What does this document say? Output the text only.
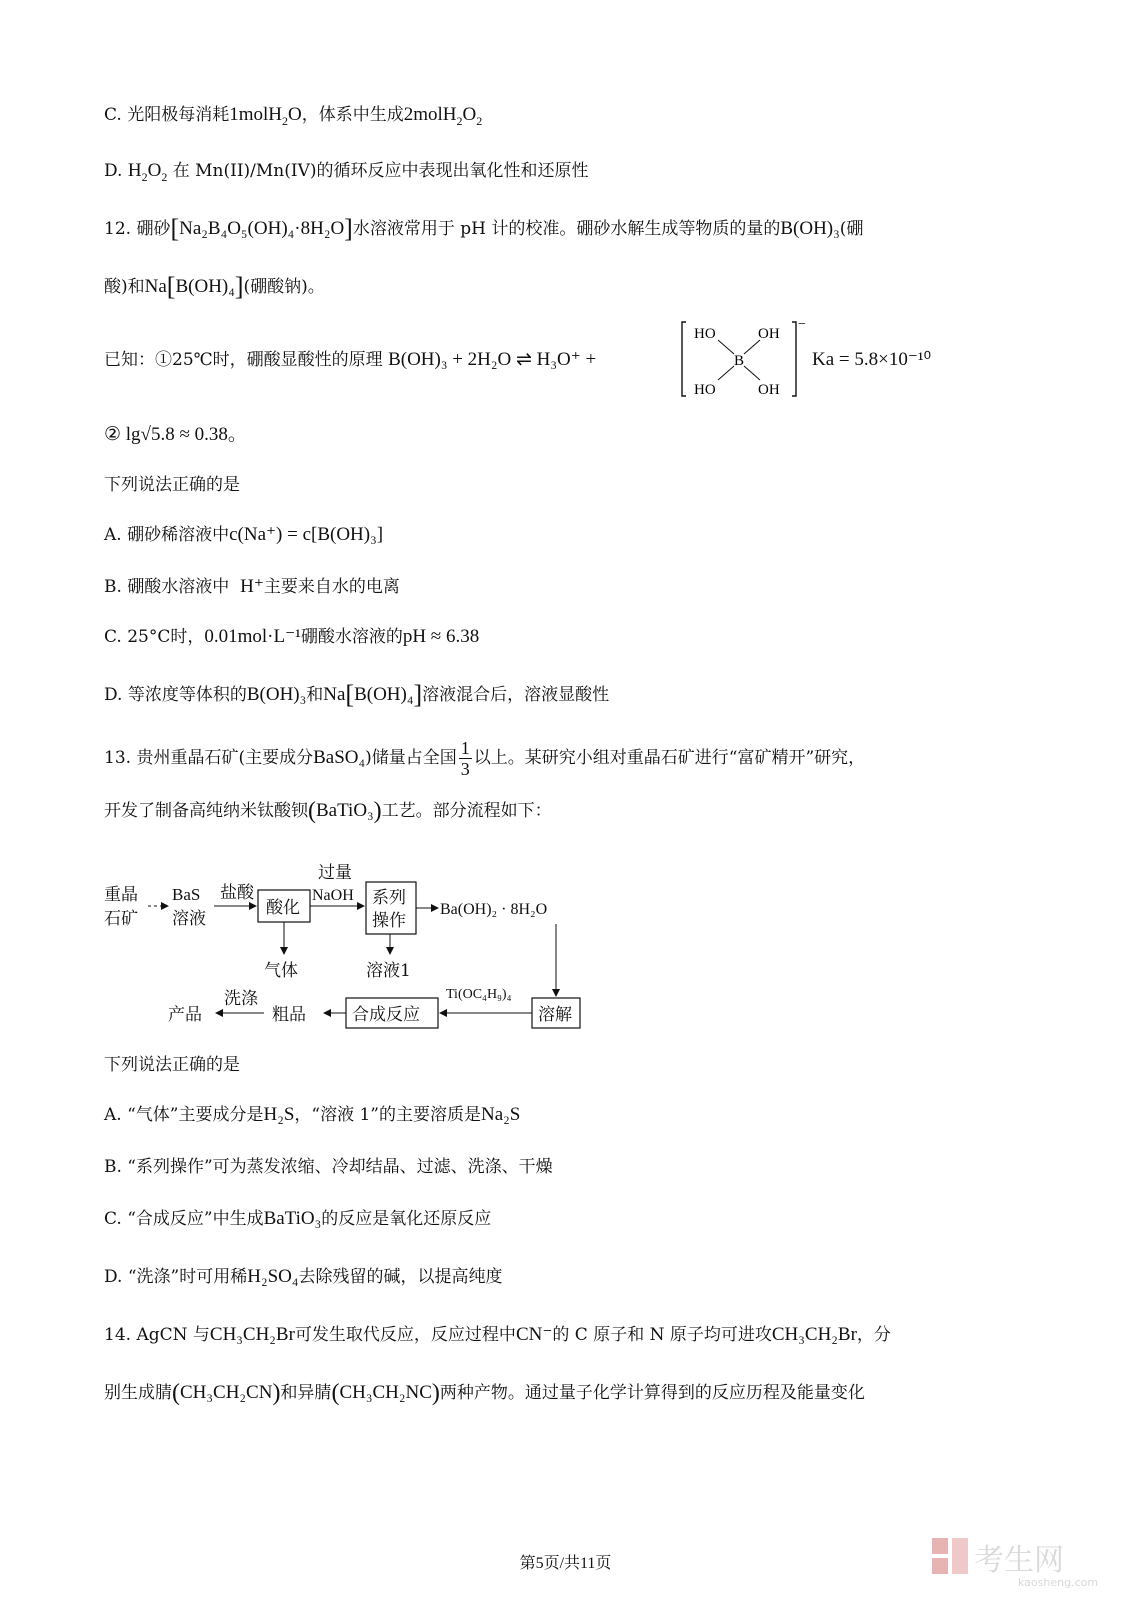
C. 光阳极每消耗1molH$_2$O，体系中生成$2molH_2O_2$
D. $H_2O_2$ 在 Mn(II)/Mn(IV)的循环反应中表现出氧化性和还原性
12. 硼砂[Na₂B₄O₅(OH)₄·8H₂O]水溶液常用于 pH 计的校准。硼砂水解生成等物质的量的B(OH)₃(硼
酸)和Na[B(OH)₄](硼酸钠)。
已知：①25℃时，硼酸显酸性的原理 B(OH)₃ + 2H₂O ⇌ H₃O⁺ +
HO	OH
B
HO	OH
−
Ka = 5.8×10⁻¹⁰
② lg√5.8 ≈ 0.38。
下列说法正确的是
A. 硼砂稀溶液中c(Na⁺) = c[B(OH)₃]
B. 硼酸水溶液中 H⁺主要来自水的电离
C. 25°C时，0.01mol·L⁻¹硼酸水溶液的pH ≈ 6.38
D. 等浓度等体积的B(OH)₃和Na[B(OH)₄]溶液混合后，溶液显酸性
13. 贵州重晶石矿(主要成分BaSO₄)储量占全国 $\frac{1}{3}$ 以上。某研究小组对重晶石矿进行“富矿精开”研究，
开发了制备高纯纳米钛酸钡(BaTiO₃)工艺。部分流程如下：
重晶
石矿
BaS
溶液
盐酸
酸化
过量
NaOH 系列
操作
Ba(OH)₂ · 8H₂O
气体	溶液1
溶解
Ti(OC₄H₉)₄
合成反应
粗品
洗涤
产品
下列说法正确的是
A. “气体”主要成分是H₂S，“溶液 1”的主要溶质是Na₂S
B. “系列操作”可为蒸发浓缩、冷却结晶、过滤、洗涤、干燥
C. “合成反应”中生成BaTiO₃的反应是氧化还原反应
D. “洗涤”时可用稀H₂SO₄去除残留的碱，以提高纯度
14. AgCN 与CH₃CH₂Br可发生取代反应，反应过程中CN⁻的 C 原子和 N 原子均可进攻CH₃CH₂Br，分
别生成腈(CH₃CH₂CN)和异腈(CH₃CH₂NC)两种产物。通过量子化学计算得到的反应历程及能量变化
第5页/共11页	考生网
kaosheng.com
